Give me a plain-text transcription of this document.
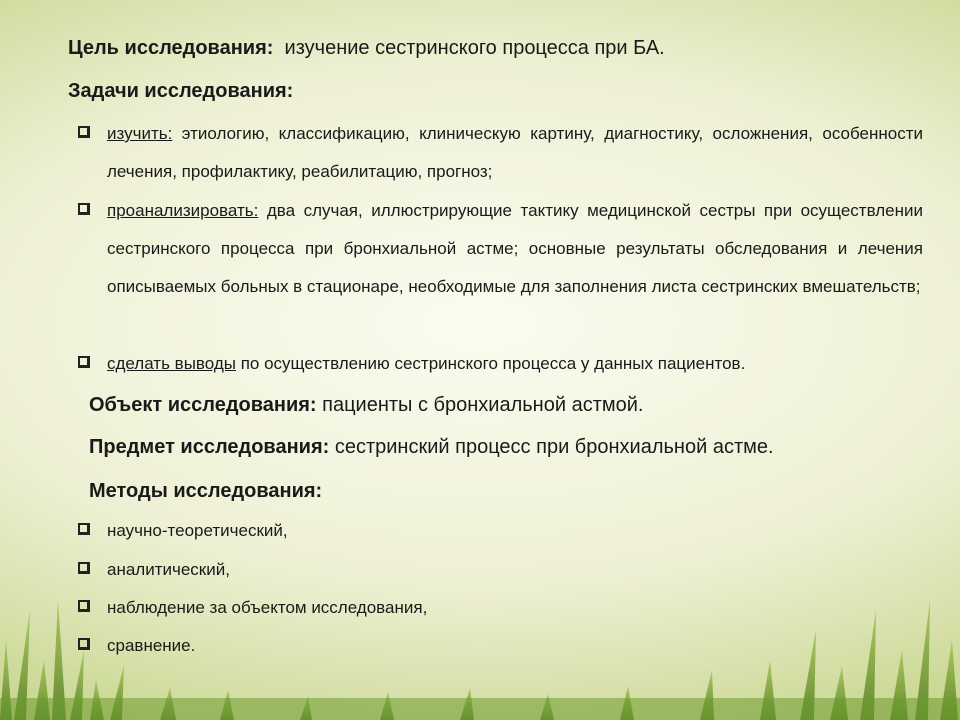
Цель исследования: изучение сестринского процесса при БА.
Задачи исследования:
изучить: этиологию, классификацию, клиническую картину, диагностику, осложнения, особенности лечения, профилактику, реабилитацию, прогноз;
проанализировать: два случая, иллюстрирующие тактику медицинской сестры при осуществлении сестринского процесса при бронхиальной астме; основные результаты обследования и лечения описываемых больных в стационаре, необходимые для заполнения листа сестринских вмешательств;
сделать выводы по осуществлению сестринского процесса у данных пациентов.
Объект исследования: пациенты с бронхиальной астмой.
Предмет исследования: сестринский процесс при бронхиальной астме.
Методы исследования:
научно-теоретический,
аналитический,
наблюдение за объектом исследования,
сравнение.
